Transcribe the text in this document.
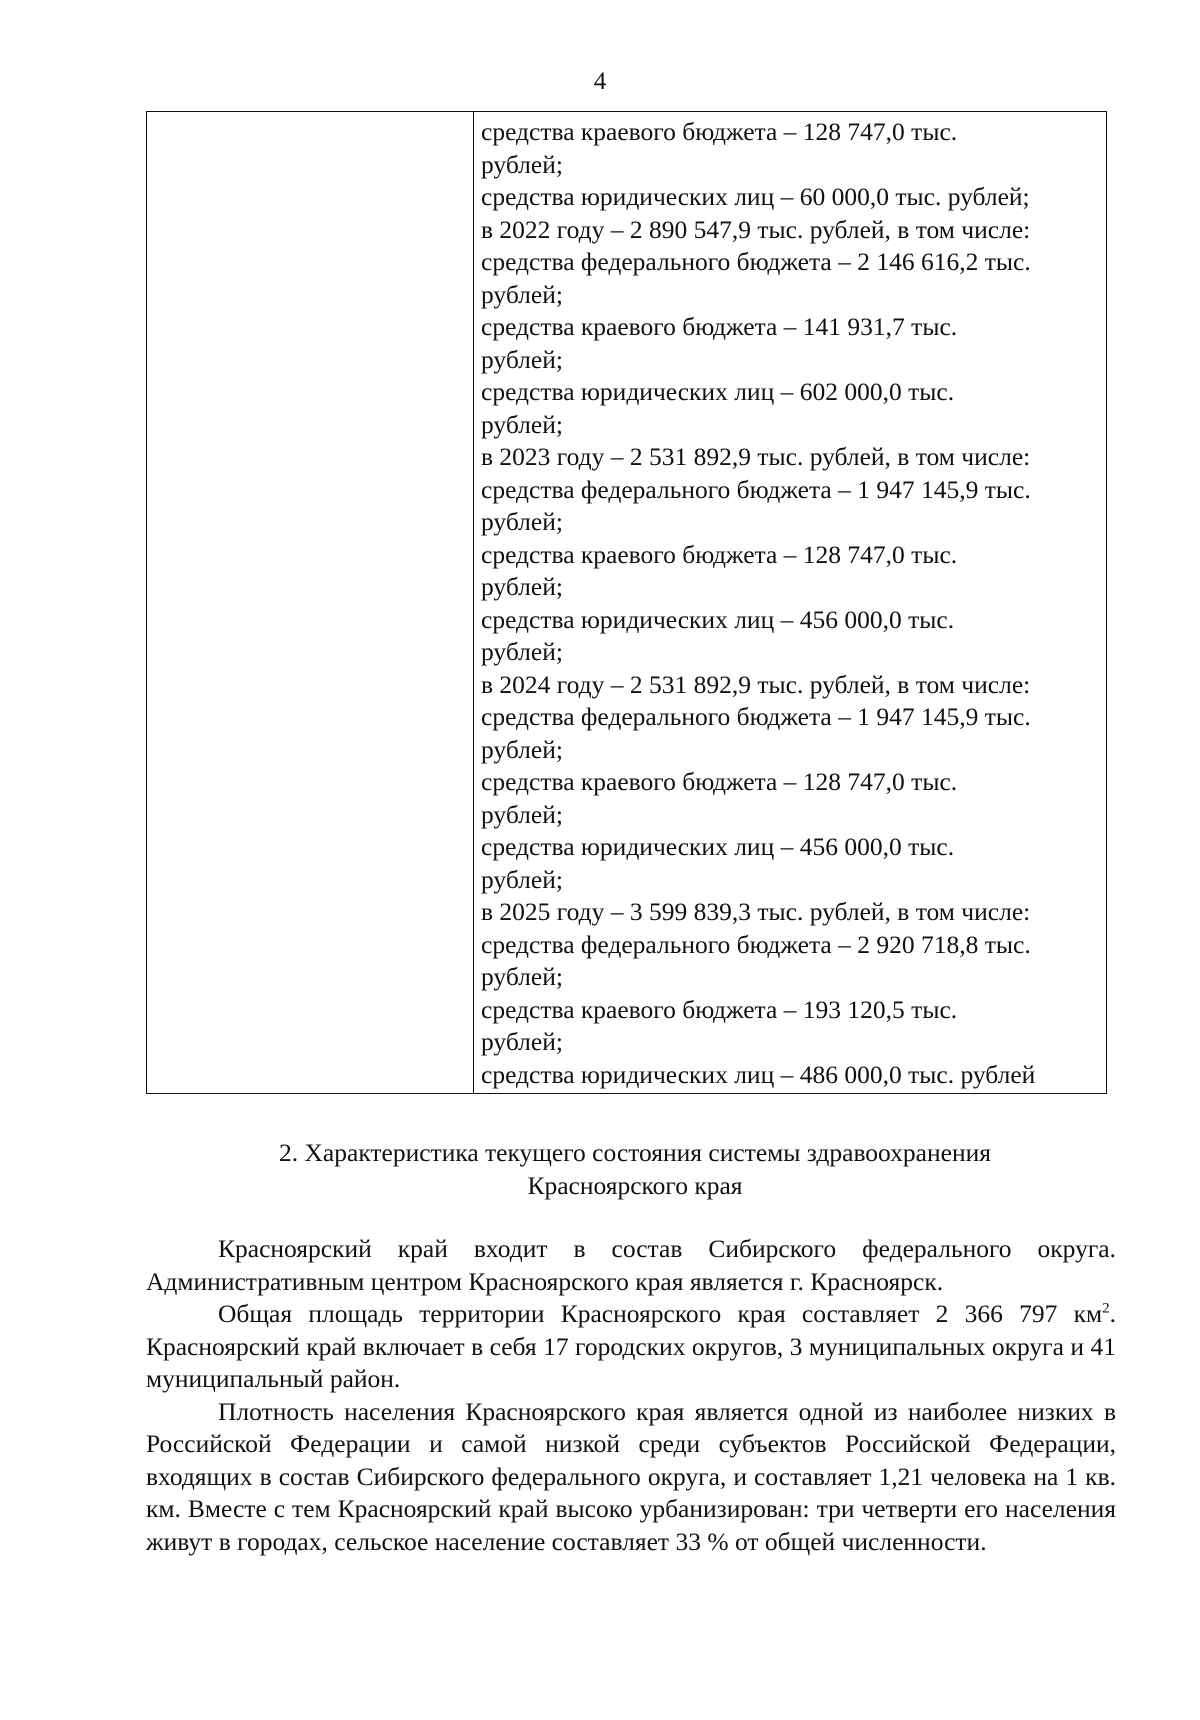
4

средства краевого бюджета – 128 747,0 тыс.
рублей;
средства юридических лиц – 60 000,0 тыс. рублей;
в 2022 году – 2 890 547,9 тыс. рублей, в том числе:
средства федерального бюджета – 2 146 616,2 тыс.
рублей;
средства краевого бюджета – 141 931,7 тыс.
рублей;
средства юридических лиц – 602 000,0 тыс.
рублей;
в 2023 году – 2 531 892,9 тыс. рублей, в том числе:
средства федерального бюджета – 1 947 145,9 тыс.
рублей;
средства краевого бюджета – 128 747,0 тыс.
рублей;
средства юридических лиц – 456 000,0 тыс.
рублей;
в 2024 году – 2 531 892,9 тыс. рублей, в том числе:
средства федерального бюджета – 1 947 145,9 тыс.
рублей;
средства краевого бюджета – 128 747,0 тыс.
рублей;
средства юридических лиц – 456 000,0 тыс.
рублей;
в 2025 году – 3 599 839,3 тыс. рублей, в том числе:
средства федерального бюджета – 2 920 718,8 тыс.
рублей;
средства краевого бюджета – 193 120,5 тыс.
рублей;
средства юридических лиц – 486 000,0 тыс. рублей
2. Характеристика текущего состояния системы здравоохранения
Красноярского края

Красноярский край входит в состав Сибирского федерального округа. Административным центром Красноярского края является г. Красноярск.

Общая площадь территории Красноярского края составляет 2 366 797 $км^2$. Красноярский край включает в себя 17 городских округов, 3 муниципальных округа и 41 муниципальный район.

Плотность населения Красноярского края является одной из наиболее низких в Российской Федерации и самой низкой среди субъектов Российской Федерации, входящих в состав Сибирского федерального округа, и составляет 1,21 человека на 1 кв. км. Вместе с тем Красноярский край высоко урбанизирован: три четверти его населения живут в городах, сельское население составляет 33 % от общей численности.
